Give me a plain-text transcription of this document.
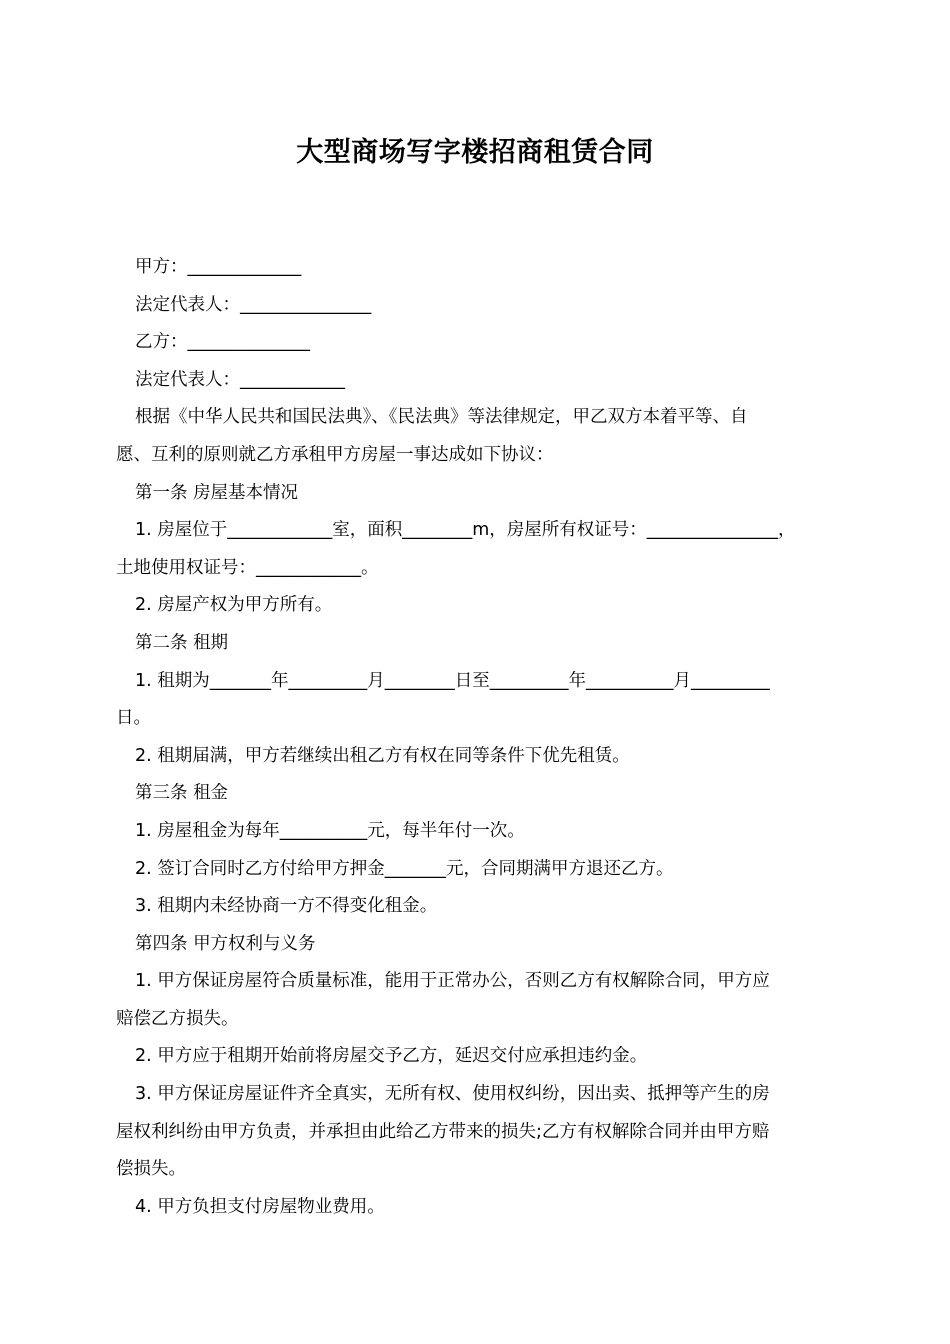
大型商场写字楼招商租赁合同

甲方：_____________

法定代表人：_______________

乙方：______________

法定代表人：____________

根据《中华人民共和国民法典》、《民法典》等法律规定，甲乙双方本着平等、自

愿、互利的原则就乙方承租甲方房屋一事达成如下协议：

第一条 房屋基本情况

1. 房屋位于____________室，面积________m，房屋所有权证号：_______________，

土地使用权证号：____________。

2. 房屋产权为甲方所有。

第二条 租期

1. 租期为_______年_________月________日至_________年__________月_________

日。

2. 租期届满，甲方若继续出租乙方有权在同等条件下优先租赁。

第三条 租金

1. 房屋租金为每年__________元，每半年付一次。

2. 签订合同时乙方付给甲方押金_______元，合同期满甲方退还乙方。

3. 租期内未经协商一方不得变化租金。

第四条 甲方权利与义务

1. 甲方保证房屋符合质量标准，能用于正常办公，否则乙方有权解除合同，甲方应

赔偿乙方损失。

2. 甲方应于租期开始前将房屋交予乙方，延迟交付应承担违约金。

3. 甲方保证房屋证件齐全真实，无所有权、使用权纠纷，因出卖、抵押等产生的房

屋权利纠纷由甲方负责，并承担由此给乙方带来的损失;乙方有权解除合同并由甲方赔

偿损失。

4. 甲方负担支付房屋物业费用。
